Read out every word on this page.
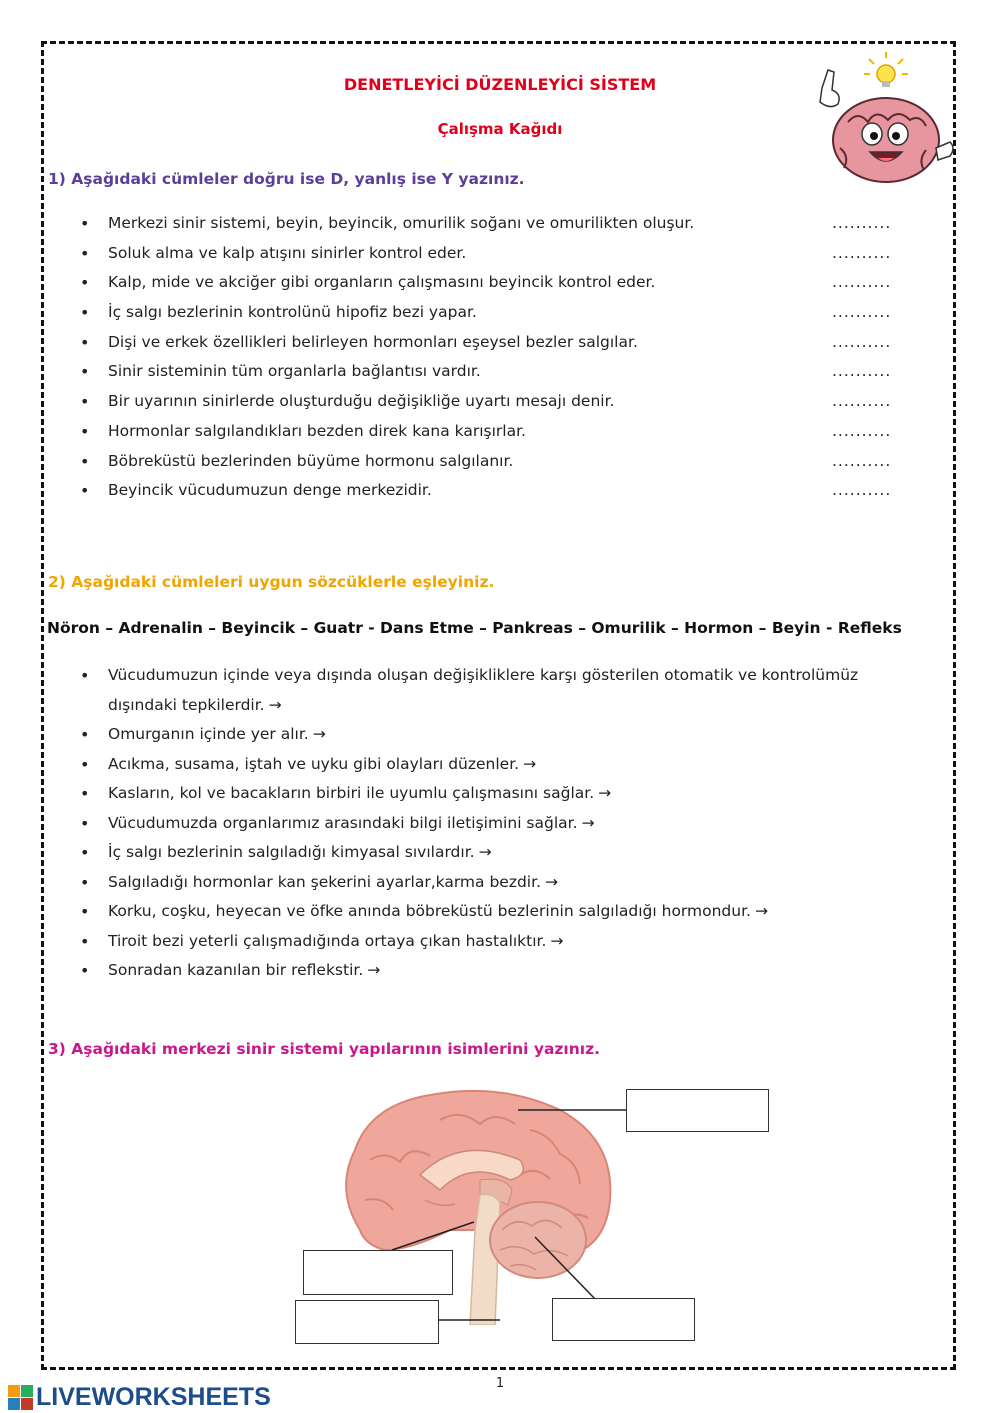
DENETLEYİCİ DÜZENLEYİCİ SİSTEM
Çalışma Kağıdı
1) Aşağıdaki cümleler doğru ise D, yanlış ise Y yazınız.
• Merkezi sinir sistemi, beyin, beyincik, omurilik soğanı ve omurilikten oluşur.	..........
• Soluk alma ve kalp atışını sinirler kontrol eder.	..........
• Kalp, mide ve akciğer gibi organların çalışmasını beyincik kontrol eder.	..........
• İç salgı bezlerinin kontrolünü hipofiz bezi yapar.	..........
• Dişi ve erkek özellikleri belirleyen hormonları eşeysel bezler salgılar.	..........
• Sinir sisteminin tüm organlarla bağlantısı vardır.	..........
• Bir uyarının sinirlerde oluşturduğu değişikliğe uyartı mesajı denir.	..........
• Hormonlar salgılandıkları bezden direk kana karışırlar.	..........
• Böbreküstü bezlerinden büyüme hormonu salgılanır.	..........
• Beyincik vücudumuzun denge merkezidir.	..........
2) Aşağıdaki cümleleri uygun sözcüklerle eşleyiniz.
Nöron – Adrenalin – Beyincik – Guatr - Dans Etme – Pankreas – Omurilik – Hormon – Beyin - Refleks
• Vücudumuzun içinde veya dışında oluşan değişikliklere karşı gösterilen otomatik ve kontrolümüz dışındaki tepkilerdir. →
• Omurganın içinde yer alır. →
• Acıkma, susama, iştah ve uyku gibi olayları düzenler. →
• Kasların, kol ve bacakların birbiri ile uyumlu çalışmasını sağlar. →
• Vücudumuzda organlarımız arasındaki bilgi iletişimini sağlar. →
• İç salgı bezlerinin salgıladığı kimyasal sıvılardır. →
• Salgıladığı hormonlar kan şekerini ayarlar,karma bezdir. →
• Korku, coşku, heyecan ve öfke anında böbreküstü bezlerinin salgıladığı hormondur. →
• Tiroit bezi yeterli çalışmadığında ortaya çıkan hastalıktır. →
• Sonradan kazanılan bir reflekstir. →
3) Aşağıdaki merkezi sinir sistemi yapılarının isimlerini yazınız.
1
LIVEWORKSHEETS
